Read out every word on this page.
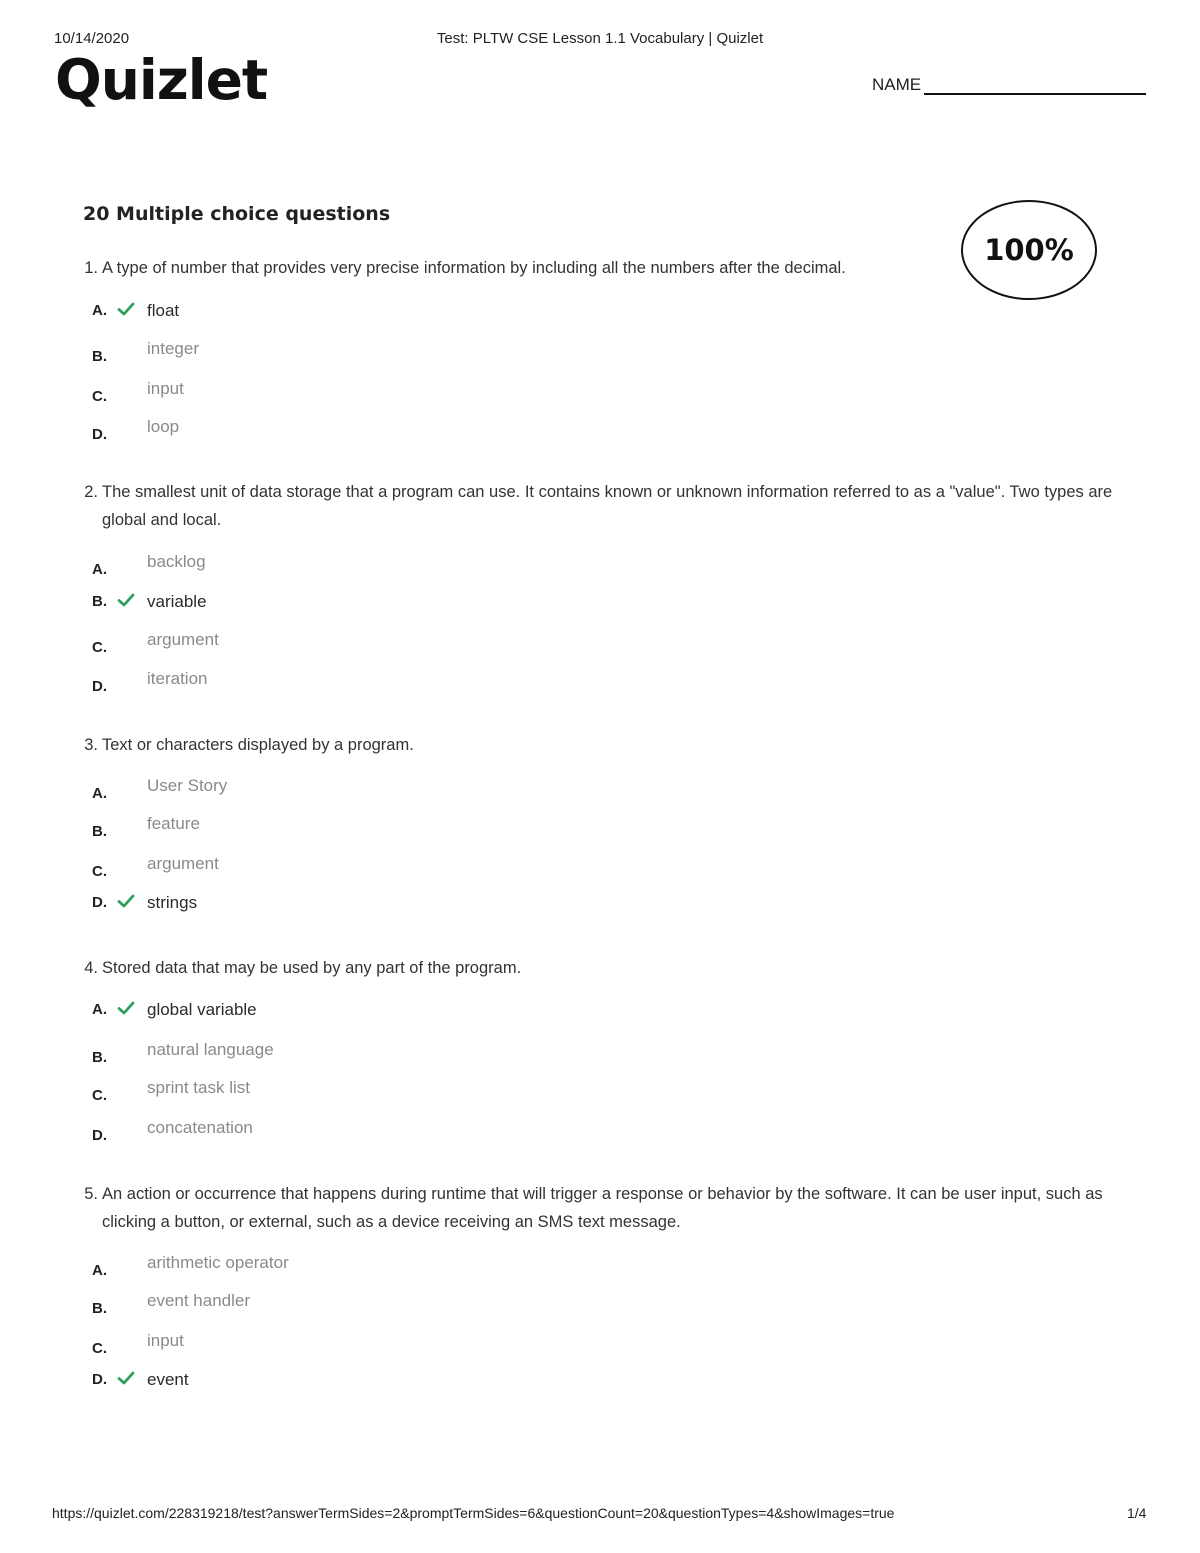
10/14/2020	Test: PLTW CSE Lesson 1.1 Vocabulary | Quizlet
Quizlet	NAME
100%
20 Multiple choice questions
1. A type of number that provides very precise information by including all the numbers after the decimal.
A. float
B. integer
C. input
D. loop
2. The smallest unit of data storage that a program can use. It contains known or unknown information referred to as a "value". Two types are global and local.
A. backlog
B. variable
C. argument
D. iteration
3. Text or characters displayed by a program.
A. User Story
B. feature
C. argument
D. strings
4. Stored data that may be used by any part of the program.
A. global variable
B. natural language
C. sprint task list
D. concatenation
5. An action or occurrence that happens during runtime that will trigger a response or behavior by the software. It can be user input, such as clicking a button, or external, such as a device receiving an SMS text message.
A. arithmetic operator
B. event handler
C. input
D. event
https://quizlet.com/228319218/test?answerTermSides=2&promptTermSides=6&questionCount=20&questionTypes=4&showImages=true	1/4
